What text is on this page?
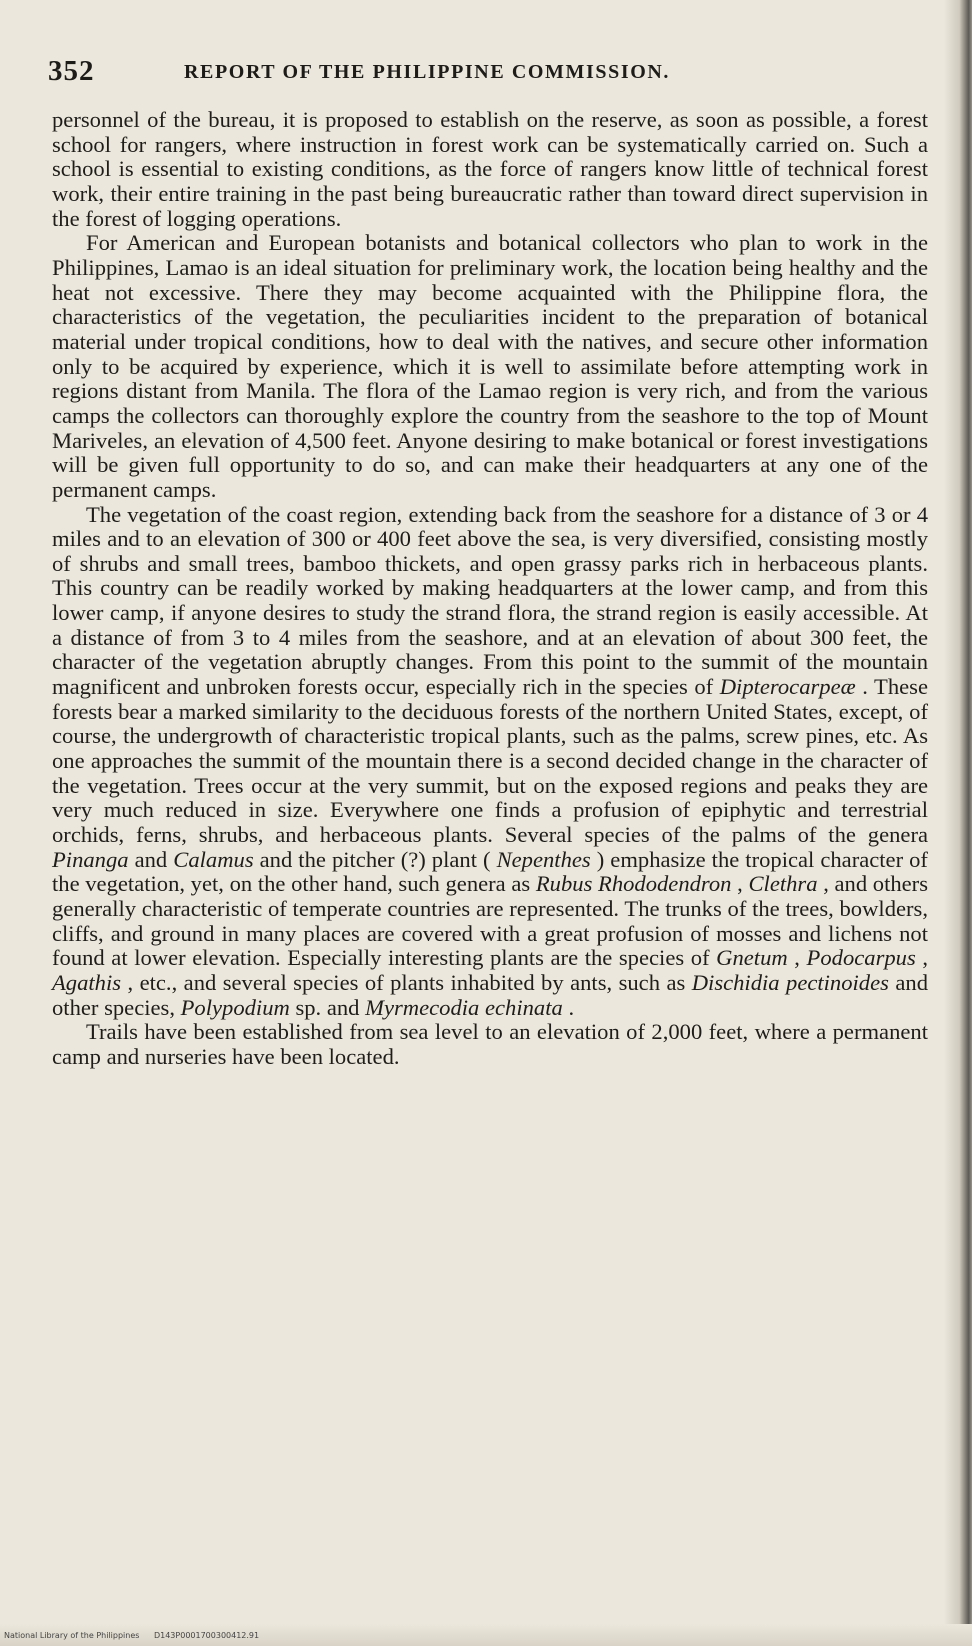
352	REPORT OF THE PHILIPPINE COMMISSION.

personnel of the bureau, it is proposed to establish on the reserve, as soon as possible, a forest school for rangers, where instruction in forest work can be systematically carried on. Such a school is essential to existing conditions, as the force of rangers know little of technical forest work, their entire training in the past being bureaucratic rather than toward direct supervision in the forest of logging operations.

For American and European botanists and botanical collectors who plan to work in the Philippines, Lamao is an ideal situation for preliminary work, the location being healthy and the heat not excessive. There they may become acquainted with the Philippine flora, the characteristics of the vegetation, the peculiarities incident to the preparation of botanical material under tropical conditions, how to deal with the natives, and secure other information only to be acquired by experience, which it is well to assimilate before attempting work in regions distant from Manila. The flora of the Lamao region is very rich, and from the various camps the collectors can thoroughly explore the country from the seashore to the top of Mount Mariveles, an elevation of 4,500 feet. Anyone desiring to make botanical or forest investigations will be given full opportunity to do so, and can make their headquarters at any one of the permanent camps.

The vegetation of the coast region, extending back from the seashore for a distance of 3 or 4 miles and to an elevation of 300 or 400 feet above the sea, is very diversified, consisting mostly of shrubs and small trees, bamboo thickets, and open grassy parks rich in herbaceous plants. This country can be readily worked by making headquarters at the lower camp, and from this lower camp, if anyone desires to study the strand flora, the strand region is easily accessible. At a distance of from 3 to 4 miles from the seashore, and at an elevation of about 300 feet, the character of the vegetation abruptly changes. From this point to the summit of the mountain magnificent and unbroken forests occur, especially rich in the species of Dipterocarpeæ . These forests bear a marked similarity to the deciduous forests of the northern United States, except, of course, the undergrowth of characteristic tropical plants, such as the palms, screw pines, etc. As one approaches the summit of the mountain there is a second decided change in the character of the vegetation. Trees occur at the very summit, but on the exposed regions and peaks they are very much reduced in size. Everywhere one finds a profusion of epiphytic and terrestrial orchids, ferns, shrubs, and herbaceous plants. Several species of the palms of the genera Pinanga and Calamus and the pitcher (?) plant ( Nepenthes ) emphasize the tropical character of the vegetation, yet, on the other hand, such genera as Rubus Rhododendron , Clethra , and others generally characteristic of temperate countries are represented. The trunks of the trees, bowlders, cliffs, and ground in many places are covered with a great profusion of mosses and lichens not found at lower elevation. Especially interesting plants are the species of Gnetum , Podocarpus , Agathis , etc., and several species of plants inhabited by ants, such as Dischidia pectinoides and other species, Polypodium sp. and Myrmecodia echinata .

Trails have been established from sea level to an elevation of 2,000 feet, where a permanent camp and nurseries have been located.

National Library of the Philippines D143P0001700300412.91
